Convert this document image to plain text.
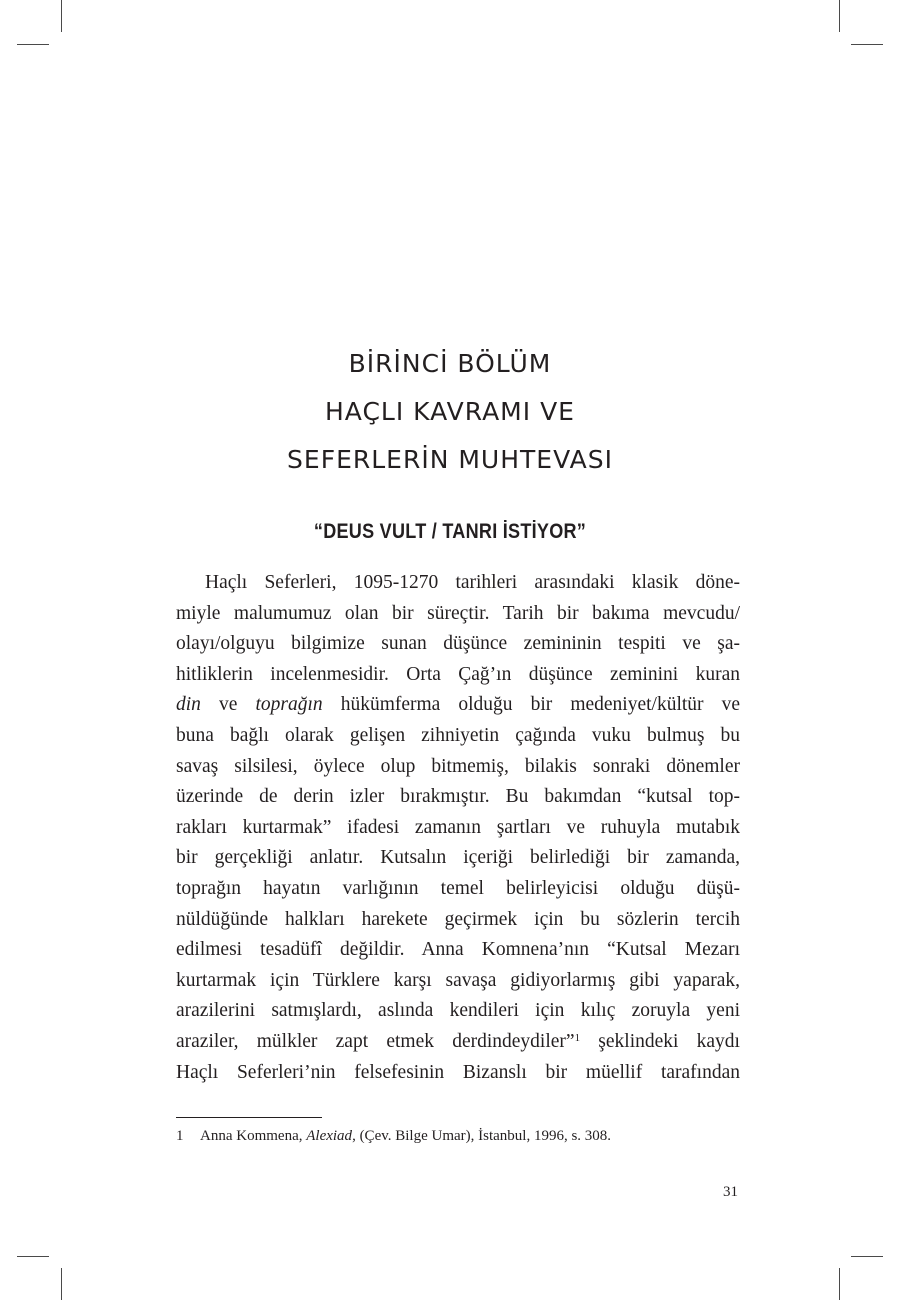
BİRİNCİ BÖLÜM
HAÇLI KAVRAMI VE
SEFERLERİN MUHTEVASI
“DEUS VULT / TANRI İSTİYOR”
Haçlı Seferleri, 1095-1270 tarihleri arasındaki klasik döne-
miyle malumumuz olan bir süreçtir. Tarih bir bakıma mevcudu/
olayı/olguyu bilgimize sunan düşünce zemininin tespiti ve şa-
hitliklerin incelenmesidir. Orta Çağ’ın düşünce zeminini kuran
din ve toprağın hükümferma olduğu bir medeniyet/kültür ve
buna bağlı olarak gelişen zihniyetin çağında vuku bulmuş bu
savaş silsilesi, öylece olup bitmemiş, bilakis sonraki dönemler
üzerinde de derin izler bırakmıştır. Bu bakımdan “kutsal top-
rakları kurtarmak” ifadesi zamanın şartları ve ruhuyla mutabık
bir gerçekliği anlatır. Kutsalın içeriği belirlediği bir zamanda,
toprağın hayatın varlığının temel belirleyicisi olduğu düşü-
nüldüğünde halkları harekete geçirmek için bu sözlerin tercih
edilmesi tesadüfî değildir. Anna Komnena’nın “Kutsal Mezarı
kurtarmak için Türklere karşı savaşa gidiyorlarmış gibi yaparak,
arazilerini satmışlardı, aslında kendileri için kılıç zoruyla yeni
araziler, mülkler zapt etmek derdindeydiler”$^1$ şeklindeki kaydı
Haçlı Seferleri’nin felsefesinin Bizanslı bir müellif tarafından
1 Anna Kommena, Alexiad, (Çev. Bilge Umar), İstanbul, 1996, s. 308.
31
